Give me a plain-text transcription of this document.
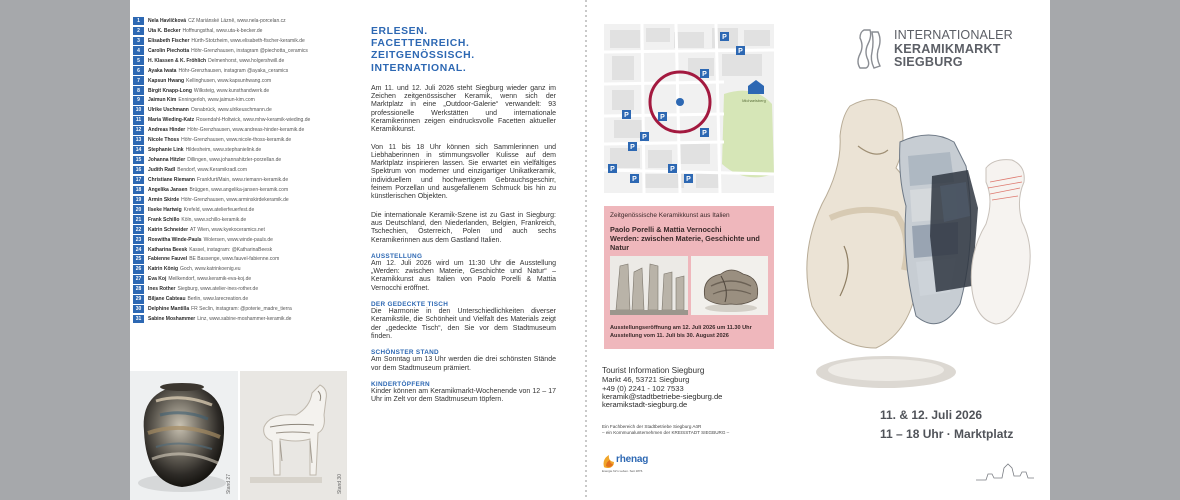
1	Nela Havlíčková CZ Mariánské Lázně, www.nela-porcelan.cz
2	Uta K. Becker Hoffnungsthal, www.uta-k-becker.de
3	Elisabeth Fischer Hürth-Stotzheim, www.elisabeth-fischer-keramik.de
4	Carolin Piechotta Höhr-Grenzhausen, instagram @piechotta_ceramics
5	H. Klassen & K. Fröhlich Delmenhorst, www.holgershwill.de
6	Ayaka Iwata Höhr-Grenzhausen, instagram @ayaka_ceramics
7	Kapsun Hwang Kellinghusen, www.kapsunhwang.com
8	Birgit Knapp-Long Wilksteig, www.kunsthandwerk.de
9	Jaimun Kim Enningerloh, www.jaimun-kim.com
10	Ulrike Uschmann Osnabrück, www.ulrikeuschmann.de
11	Maria Wieding-Katz Rosendahl-Holtwick, www.mhw-keramik-wieding.de
12	Andreas Hinder Höhr-Grenzhausen, www.andreas-hinder-keramik.de
13	Nicole Thoss Höhr-Grenzhausen, www.nicole-thoss-keramik.de
14	Stephanie Link Hildesheim, www.stephanielink.de
15	Johanna Hitzler Dillingen, www.johannahitzler-porzellan.de
16	Judith Radl Bendorf, www.Keramikradl.com
17	Christiane Riemann Frankfurt/Main, www.riemann-keramik.de
18	Angelika Jansen Brüggen, www.angelika-jansen-keramik.com
19	Armin Skirde Höhr-Grenzhausen, www.arminskirdekeramik.de
20	Ilseke Hartwig Krefeld, www.atelierfeuerfest.de
21	Frank Schillo Köln, www.schillo-keramik.de
22	Katrin Schneider AT Wien, www.kyekoceramics.net
23	Roswitha Winde-Pauls Wolersen, www.winde-pauls.de
24	Katharina Beesk Kassel, instagram: @KatharinaBeesk
25	Fabienne Fauvel BE Bassenge, www.fauvel-fabienne.com
26	Katrin König Goch, www.katrinkoenig.eu
27	Eva Koj Meilkendorf, www.keramik-eva-koj.de
28	Ines Rother Siegburg, www.atelier-ines-rother.de
29	Biljane Cabteau Berlin, www.larecreation.de
30	Delphine Mantilla FR Seclin, instagram: @poterie_madre_tierra
31	Sabine Moshammer Linz, www.sabine-moshammer-keramik.de
Stand 30
Stand 27
ERLESEN.
FACETTENREICH.
ZEITGENÖSSISCH.
INTERNATIONAL.

Am 11. und 12. Juli 2026 steht Siegburg wieder ganz im Zeichen zeitgenössischer Keramik, wenn sich der Marktplatz in eine „Outdoor-Galerie“ verwandelt: 93 professionelle Werkstätten und internationale Keramikerinnen zeigen eindrucksvolle Facetten aktueller Keramikkunst.

Von 11 bis 18 Uhr können sich Sammlerinnen und Liebhaberinnen in stimmungsvoller Kulisse auf dem Marktplatz inspirieren lassen. Sie erwartet ein vielfältiges Spektrum von moderner und einzigartiger Unikatkeramik, individuellem und hochwertigem Gebrauchsgeschirr, feinem Porzellan und ausgefallenem Schmuck bis hin zu künstlerischen Objekten.

Die internationale Keramik-Szene ist zu Gast in Siegburg: aus Deutschland, den Niederlanden, Belgien, Frankreich, Tschechien, Österreich, Polen und auch sechs Keramikerinnen aus dem Gastland Italien.

AUSSTELLUNG

Am 12. Juli 2026 wird um 11:30 Uhr die Ausstellung „Werden: zwischen Materie, Geschichte und Natur“ – Keramikkunst aus Italien von Paolo Porelli & Mattia Vernocchi eröffnet.

DER GEDECKTE TISCH

Die Harmonie in den Unterschiedlichkeiten diverser Keramikstile, die Schönheit und Vielfalt des Materials zeigt der „gedeckte Tisch“, den Sie vor dem Stadtmuseum finden.

SCHÖNSTER STAND

Am Sonntag um 13 Uhr werden die drei schönsten Stände vor dem Stadtmuseum prämiert.

KINDERTÖPFERN

Kinder können am Keramikmarkt-Wochenende von 12 – 17 Uhr im Zelt vor dem Stadtmuseum töpfern.

P
P
P
P
P
P
P
P
P
P
P
P
Michaelsberg
Zeitgenössische Keramikkunst aus Italien
Paolo Porelli & Mattia Vernocchi
Werden: zwischen Materie, Geschichte und Natur
Ausstellungseröffnung am 12. Juli 2026 um 11.30 Uhr
Ausstellung vom 11. Juli bis 30. August 2026
Tourist Information Siegburg
Markt 46, 53721 Siegburg
+49 (0) 2241 - 102 7533
keramik@stadtbetriebe-siegburg.de
keramikstadt-siegburg.de
Ein Fachbereich der Stadtbetriebe Siegburg AöR
– ein Kommunalunternehmen der KREISSTADT SIEGBURG –
rhenag
Energie für's Leben. Seit 1876.
INTERNATIONALER
KERAMIKMARKT
SIEGBURG
11. & 12. Juli 2026
11 – 18 Uhr · Marktplatz
